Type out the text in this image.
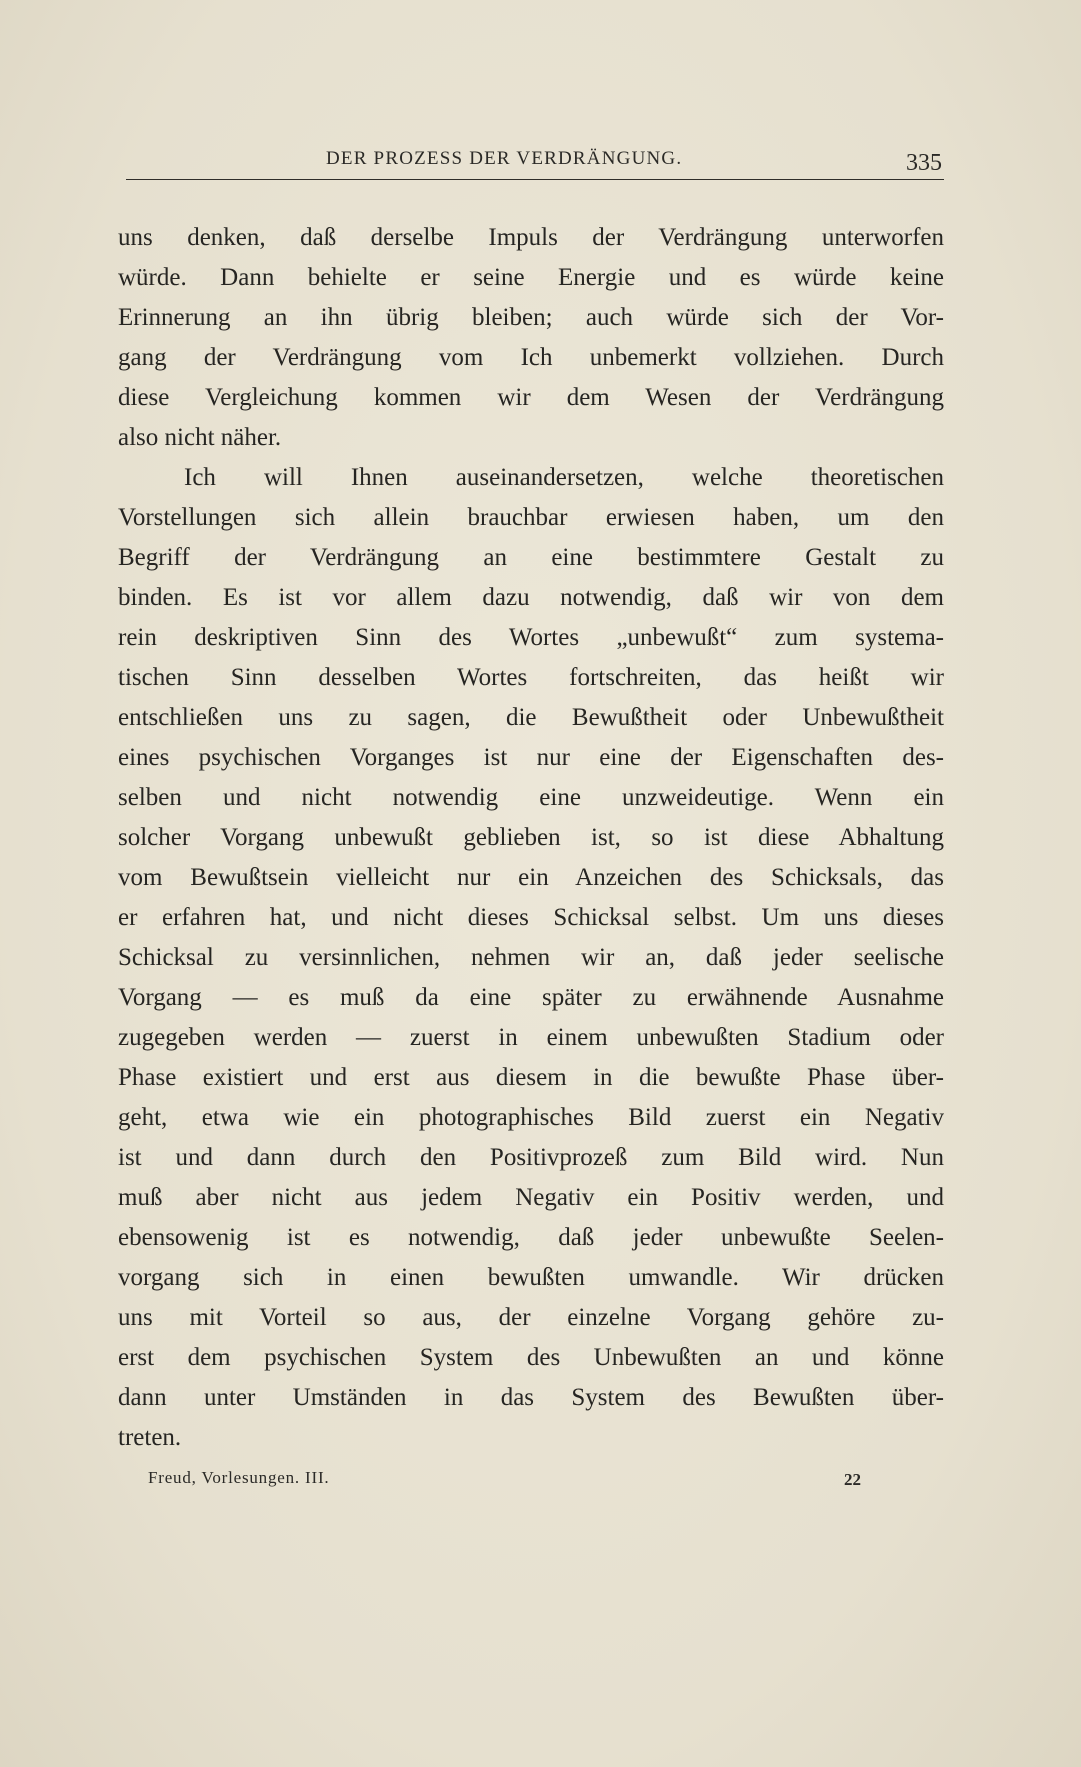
DER PROZESS DER VERDRÄNGUNG.	335
uns denken, daß derselbe Impuls der Verdrängung unterworfen
würde. Dann behielte er seine Energie und es würde keine
Erinnerung an ihn übrig bleiben; auch würde sich der Vor-
gang der Verdrängung vom Ich unbemerkt vollziehen. Durch
diese Vergleichung kommen wir dem Wesen der Verdrängung
also nicht näher.
Ich will Ihnen auseinandersetzen, welche theoretischen
Vorstellungen sich allein brauchbar erwiesen haben, um den
Begriff der Verdrängung an eine bestimmtere Gestalt zu
binden. Es ist vor allem dazu notwendig, daß wir von dem
rein deskriptiven Sinn des Wortes „unbewußt“ zum systema-
tischen Sinn desselben Wortes fortschreiten, das heißt wir
entschließen uns zu sagen, die Bewußtheit oder Unbewußtheit
eines psychischen Vorganges ist nur eine der Eigenschaften des-
selben und nicht notwendig eine unzweideutige. Wenn ein
solcher Vorgang unbewußt geblieben ist, so ist diese Abhaltung
vom Bewußtsein vielleicht nur ein Anzeichen des Schicksals, das
er erfahren hat, und nicht dieses Schicksal selbst. Um uns dieses
Schicksal zu versinnlichen, nehmen wir an, daß jeder seelische
Vorgang — es muß da eine später zu erwähnende Ausnahme
zugegeben werden — zuerst in einem unbewußten Stadium oder
Phase existiert und erst aus diesem in die bewußte Phase über-
geht, etwa wie ein photographisches Bild zuerst ein Negativ
ist und dann durch den Positivprozeß zum Bild wird. Nun
muß aber nicht aus jedem Negativ ein Positiv werden, und
ebensowenig ist es notwendig, daß jeder unbewußte Seelen-
vorgang sich in einen bewußten umwandle. Wir drücken
uns mit Vorteil so aus, der einzelne Vorgang gehöre zu-
erst dem psychischen System des Unbewußten an und könne
dann unter Umständen in das System des Bewußten über-
treten.
Freud, Vorlesungen. III.	22
